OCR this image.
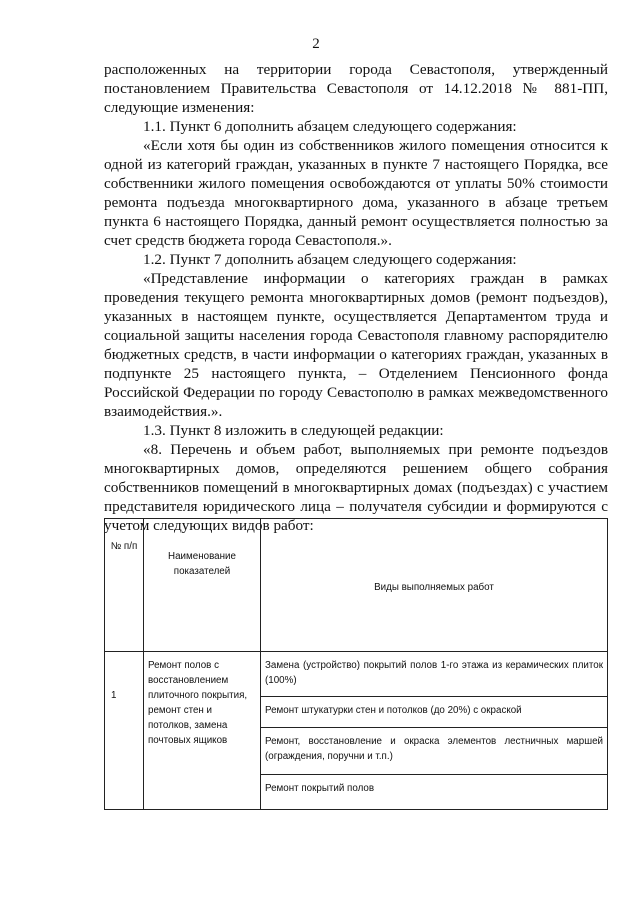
2

расположенных на территории города Севастополя, утвержденный постановлением Правительства Севастополя от 14.12.2018 № 881-ПП, следующие изменения:

1.1. Пункт 6 дополнить абзацем следующего содержания:

«Если хотя бы один из собственников жилого помещения относится к одной из категорий граждан, указанных в пункте 7 настоящего Порядка, все собственники жилого помещения освобождаются от уплаты 50% стоимости ремонта подъезда многоквартирного дома, указанного в абзаце третьем пункта 6 настоящего Порядка, данный ремонт осуществляется полностью за счет средств бюджета города Севастополя.».

1.2. Пункт 7 дополнить абзацем следующего содержания:

«Представление информации о категориях граждан в рамках проведения текущего ремонта многоквартирных домов (ремонт подъездов), указанных в настоящем пункте, осуществляется Департаментом труда и социальной защиты населения города Севастополя главному распорядителю бюджетных средств, в части информации о категориях граждан, указанных в подпункте 25 настоящего пункта, – Отделением Пенсионного фонда Российской Федерации по городу Севастополю в рамках межведомственного взаимодействия.».

1.3. Пункт 8 изложить в следующей редакции:

«8. Перечень и объем работ, выполняемых при ремонте подъездов многоквартирных домов, определяются решением общего собрания собственников помещений в многоквартирных домах (подъездах) с участием представителя юридического лица – получателя субсидии и формируются с учетом следующих видов работ:

№ п/п	Наименование показателей	Виды выполняемых работ
1	Ремонт полов с восстановлением плиточного покрытия, ремонт стен и потолков, замена почтовых ящиков	Замена (устройство) покрытий полов 1-го этажа из керамических плиток (100%)
		Ремонт штукатурки стен и потолков (до 20%) с окраской
		Ремонт, восстановление и окраска элементов лестничных маршей (ограждения, поручни и т.п.)
		Ремонт покрытий полов
